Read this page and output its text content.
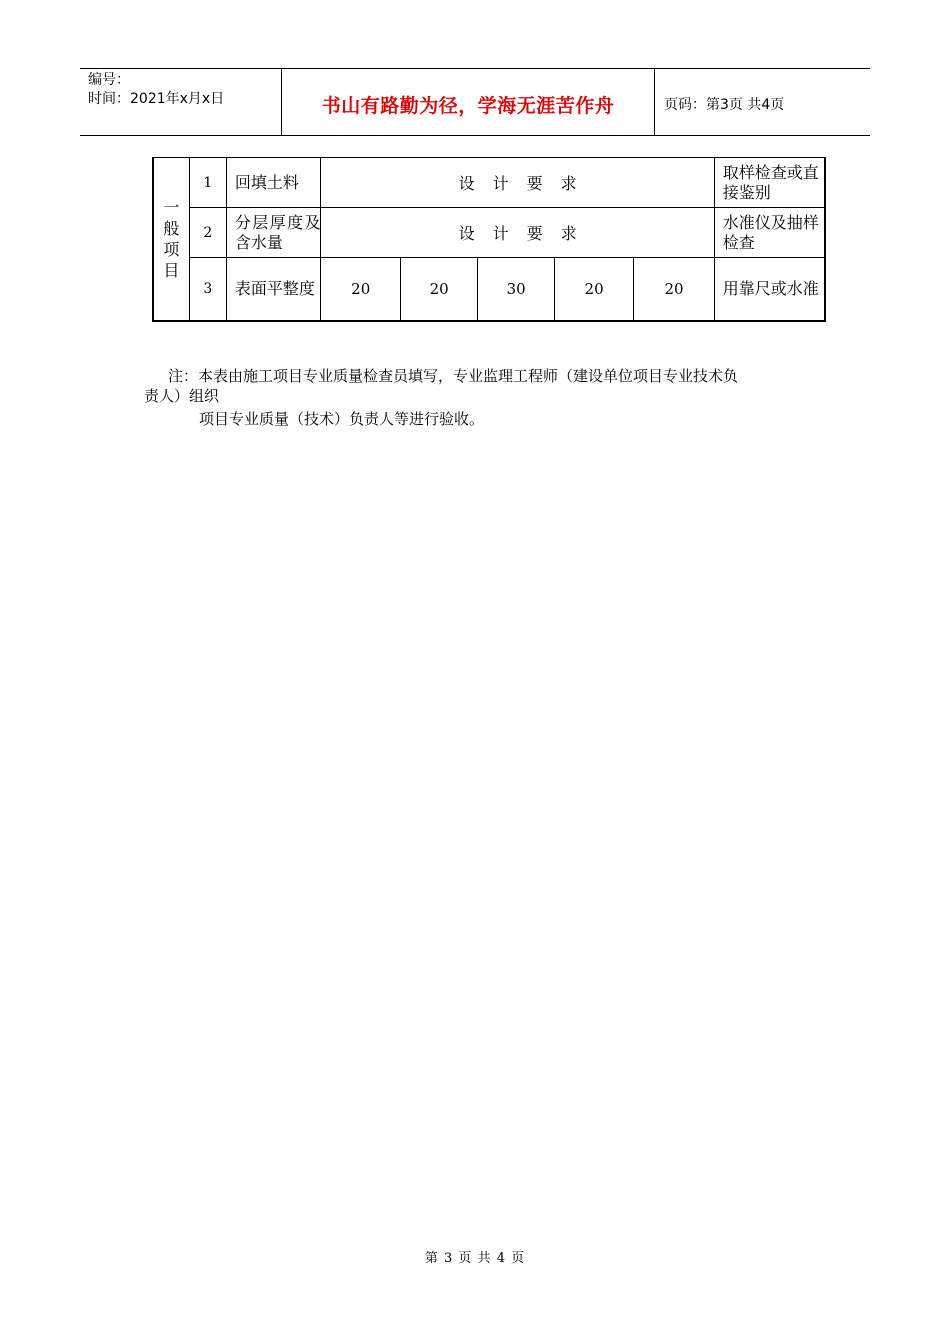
编号：
时间：2021年x月x日	书山有路勤为径，学海无涯苦作舟	页码：第3页 共4页
一
般
项
目	1	回填土料	设计要求					取样检查或直接鉴别
	2	分层厚度及含水量	设计要求					水准仪及抽样检查
	3	表面平整度	20	20	30	20	20	用靠尺或水准
注：本表由施工项目专业质量检查员填写，专业监理工程师（建设单位项目专业技术负
责人）组织
项目专业质量（技术）负责人等进行验收。
第 3 页 共 4 页
